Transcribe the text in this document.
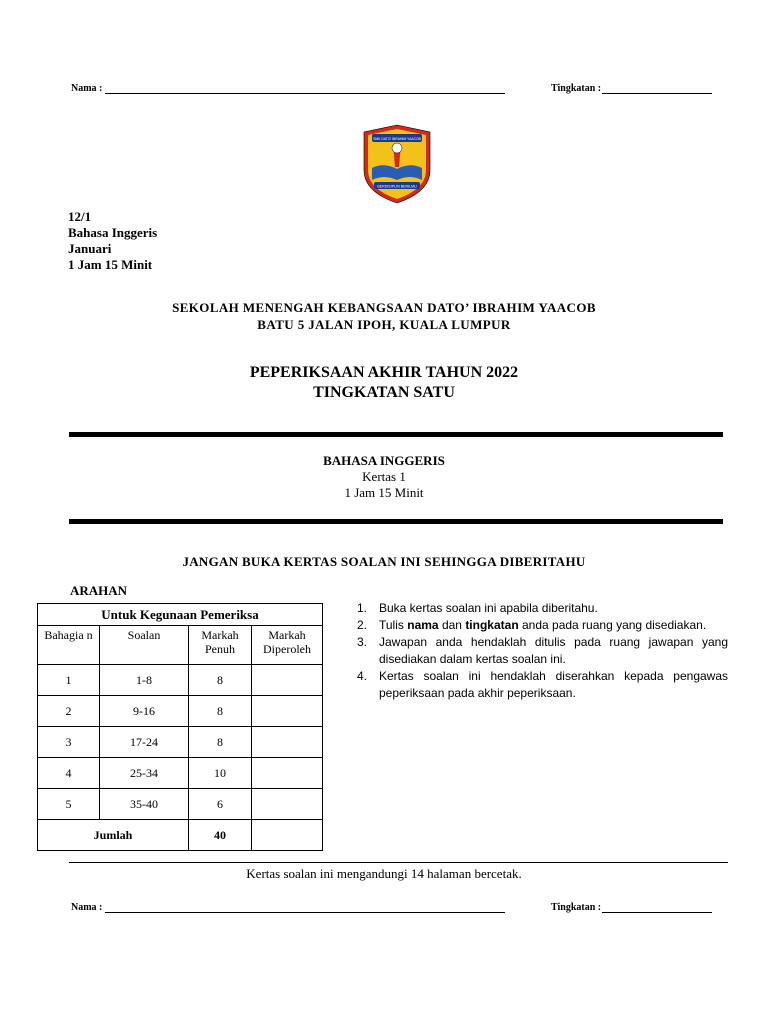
Nama :	Tingkatan :
SMK DATO' IBRAHIM YAACOB
BERDISIPLIN BERILMU
12/1
Bahasa Inggeris
Januari
1 Jam 15 Minit
SEKOLAH MENENGAH KEBANGSAAN DATO’ IBRAHIM YAACOB
BATU 5 JALAN IPOH, KUALA LUMPUR
PEPERIKSAAN AKHIR TAHUN 2022
TINGKATAN SATU
BAHASA INGGERIS
Kertas 1
1 Jam 15 Minit
JANGAN BUKA KERTAS SOALAN INI SEHINGGA DIBERITAHU
ARAHAN
Untuk Kegunaan Pemeriksa			
Bahagia n	Soalan	Markah Penuh	Markah Diperoleh
1	1-8	8	
2	9-16	8	
3	17-24	8	
4	25-34	10	
5	35-40	6	
Jumlah		40	
1. Buka kertas soalan ini apabila diberitahu.
2. Tulis nama dan tingkatan anda pada ruang yang disediakan.
3. Jawapan anda hendaklah ditulis pada ruang jawapan yang disediakan dalam kertas soalan ini.
4. Kertas soalan ini hendaklah diserahkan kepada pengawas peperiksaan pada akhir peperiksaan.
Kertas soalan ini mengandungi 14 halaman bercetak.
Nama :	Tingkatan :
